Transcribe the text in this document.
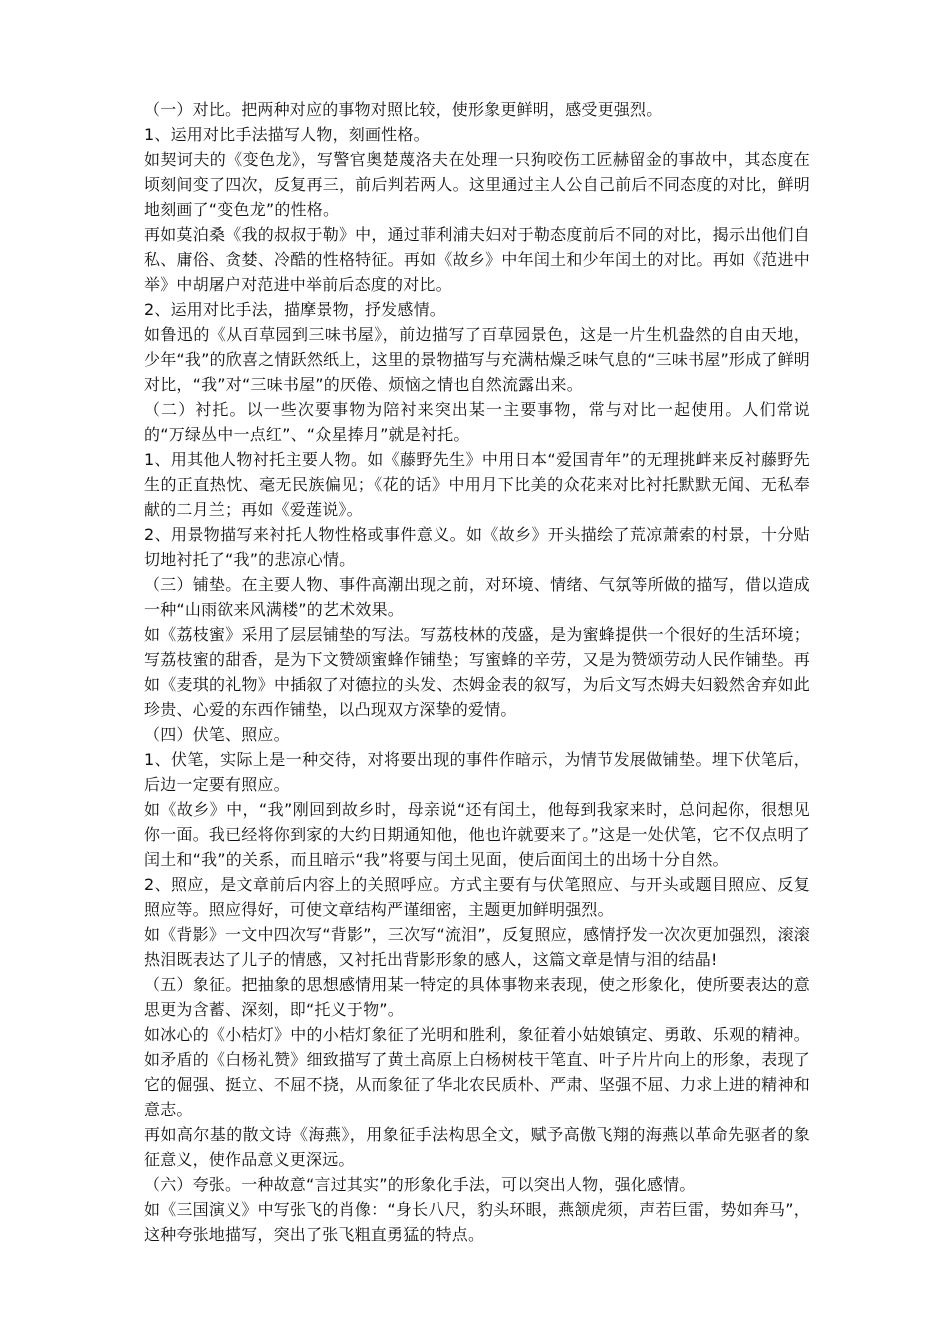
（一）对比。把两种对应的事物对照比较，使形象更鲜明，感受更强烈。

1、运用对比手法描写人物，刻画性格。

如契诃夫的《变色龙》，写警官奥楚蔑洛夫在处理一只狗咬伤工匠赫留金的事故中，其态度在顷刻间变了四次，反复再三，前后判若两人。这里通过主人公自己前后不同态度的对比，鲜明地刻画了“变色龙”的性格。

再如莫泊桑《我的叔叔于勒》中，通过菲利浦夫妇对于勒态度前后不同的对比，揭示出他们自私、庸俗、贪婪、冷酷的性格特征。再如《故乡》中年闰土和少年闰土的对比。再如《范进中举》中胡屠户对范进中举前后态度的对比。

2、运用对比手法，描摩景物，抒发感情。

如鲁迅的《从百草园到三味书屋》，前边描写了百草园景色，这是一片生机盎然的自由天地，少年“我”的欣喜之情跃然纸上，这里的景物描写与充满枯燥乏味气息的“三味书屋”形成了鲜明对比，“我”对“三味书屋”的厌倦、烦恼之情也自然流露出来。

（二）衬托。以一些次要事物为陪衬来突出某一主要事物，常与对比一起使用。人们常说的“万绿丛中一点红”、“众星捧月”就是衬托。

1、用其他人物衬托主要人物。如《藤野先生》中用日本“爱国青年”的无理挑衅来反衬藤野先生的正直热忱、毫无民族偏见；《花的话》中用月下比美的众花来对比衬托默默无闻、无私奉献的二月兰；再如《爱莲说》。

2、用景物描写来衬托人物性格或事件意义。如《故乡》开头描绘了荒凉萧索的村景，十分贴切地衬托了“我”的悲凉心情。

（三）铺垫。在主要人物、事件高潮出现之前，对环境、情绪、气氛等所做的描写，借以造成一种“山雨欲来风满楼”的艺术效果。

如《荔枝蜜》采用了层层铺垫的写法。写荔枝林的茂盛，是为蜜蜂提供一个很好的生活环境；写荔枝蜜的甜香，是为下文赞颂蜜蜂作铺垫；写蜜蜂的辛劳，又是为赞颂劳动人民作铺垫。再如《麦琪的礼物》中插叙了对德拉的头发、杰姆金表的叙写，为后文写杰姆夫妇毅然舍弃如此珍贵、心爱的东西作铺垫，以凸现双方深挚的爱情。

（四）伏笔、照应。

1、伏笔，实际上是一种交待，对将要出现的事件作暗示，为情节发展做铺垫。埋下伏笔后，后边一定要有照应。

如《故乡》中，“我”刚回到故乡时，母亲说“还有闰土，他每到我家来时，总问起你，很想见你一面。我已经将你到家的大约日期通知他，他也许就要来了。”这是一处伏笔，它不仅点明了闰土和“我”的关系，而且暗示“我”将要与闰土见面，使后面闰土的出场十分自然。

2、照应，是文章前后内容上的关照呼应。方式主要有与伏笔照应、与开头或题目照应、反复照应等。照应得好，可使文章结构严谨细密，主题更加鲜明强烈。

如《背影》一文中四次写“背影”，三次写“流泪”，反复照应，感情抒发一次次更加强烈，滚滚热泪既表达了儿子的情感，又衬托出背影形象的感人，这篇文章是情与泪的结晶!

（五）象征。把抽象的思想感情用某一特定的具体事物来表现，使之形象化，使所要表达的意思更为含蓄、深刻，即“托义于物”。

如冰心的《小桔灯》中的小桔灯象征了光明和胜利，象征着小姑娘镇定、勇敢、乐观的精神。如矛盾的《白杨礼赞》细致描写了黄土高原上白杨树枝干笔直、叶子片片向上的形象，表现了它的倔强、挺立、不屈不挠，从而象征了华北农民质朴、严肃、坚强不屈、力求上进的精神和意志。

再如高尔基的散文诗《海燕》，用象征手法构思全文，赋予高傲飞翔的海燕以革命先驱者的象征意义，使作品意义更深远。

（六）夸张。一种故意“言过其实”的形象化手法，可以突出人物，强化感情。

如《三国演义》中写张飞的肖像：“身长八尺，豹头环眼，燕颔虎须，声若巨雷，势如奔马”，这种夸张地描写，突出了张飞粗直勇猛的特点。
